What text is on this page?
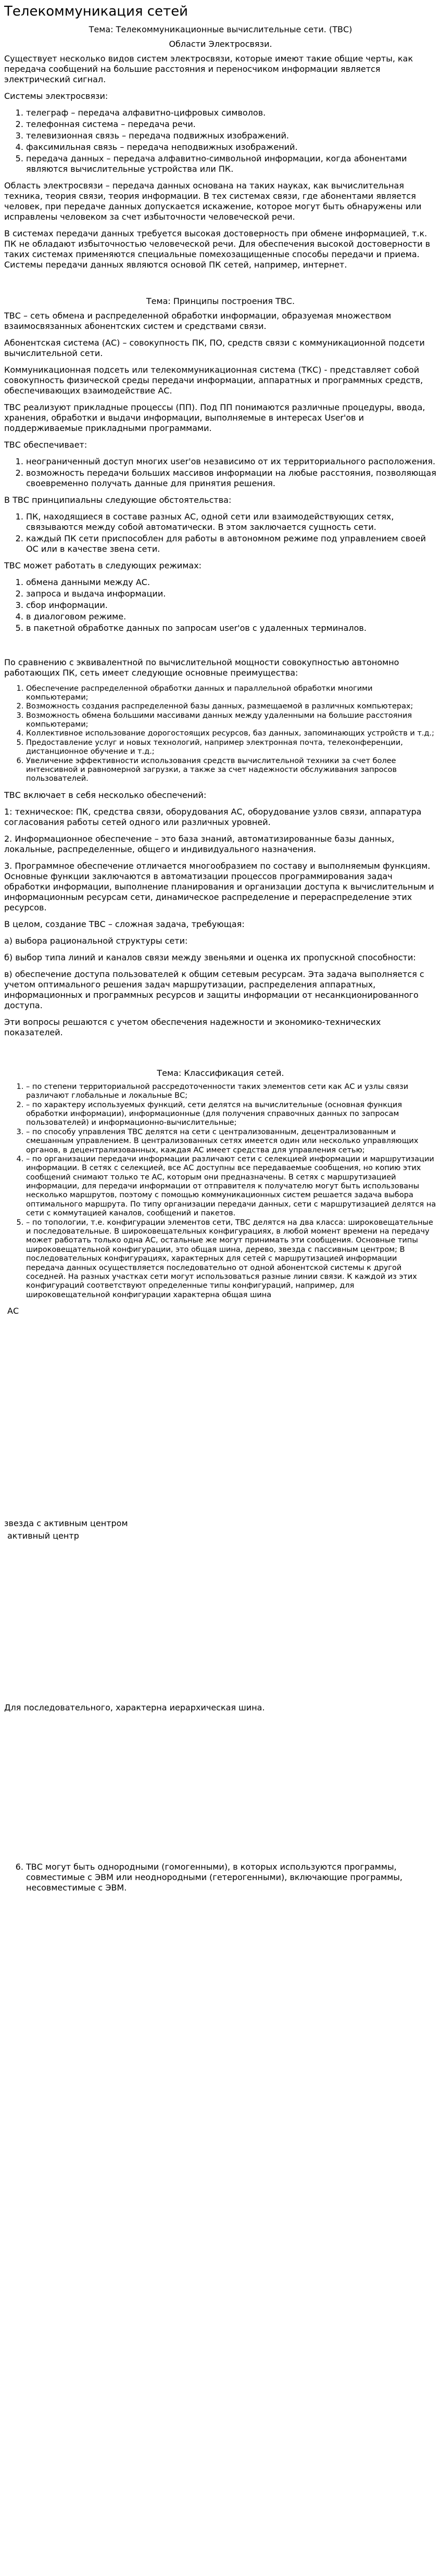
Телекоммуникация сетей
Тема: Телекоммуникационные вычислительные сети. (ТВС)
Области Электросвязи.

Существует несколько видов систем электросвязи, которые имеют такие общие черты, как передача сообщений на большие расстояния и переносчиком информации является электрический сигнал.

Системы электросвязи:

1. телеграф – передача алфавитно-цифровых символов.
2. телефонная система – передача речи.
3. телевизионная связь – передача подвижных изображений.
4. факсимильная связь – передача неподвижных изображений.
5. передача данных – передача алфавитно-символьной информации, когда абонентами являются вычислительные устройства или ПК.

Область электросвязи – передача данных основана на таких науках, как вычислительная техника, теория связи, теория информации. В тех системах связи, где абонентами является человек, при передаче данных допускается искажение, которое могут быть обнаружены или исправлены человеком за счет избыточности человеческой речи.

В системах передачи данных требуется высокая достоверность при обмене информацией, т.к. ПК не обладают избыточностью человеческой речи. Для обеспечения высокой достоверности в таких системах применяются специальные помехозащищенные способы передачи и приема. Системы передачи данных являются основой ПК сетей, например, интернет.

Тема: Принципы построения ТВС.

ТВС – сеть обмена и распределенной обработки информации, образуемая множеством взаимосвязанных абонентских систем и средствами связи.

Абонентская система (АС) – совокупность ПК, ПО, средств связи с коммуникационной подсети вычислительной сети.

Коммуникационная подсеть или телекоммуникационная система (ТКС) - представляет собой совокупность физической среды передачи информации, аппаратных и программных средств, обеспечивающих взаимодействие АС.

ТВС реализуют прикладные процессы (ПП). Под ПП понимаются различные процедуры, ввода, хранения, обработки и выдачи информации, выполняемые в интересах User'ов и поддерживаемые прикладными программами.

ТВС обеспечивает:

1. неограниченный доступ многих user'ов независимо от их территориального расположения.
2. возможность передачи больших массивов информации на любые расстояния, позволяющая своевременно получать данные для принятия решения.

В ТВС принципиальны следующие обстоятельства:

1. ПК, находящиеся в составе разных АС, одной сети или взаимодействующих сетях, связываются между собой автоматически. В этом заключается сущность сети.
2. каждый ПК сети приспособлен для работы в автономном режиме под управлением своей ОС или в качестве звена сети.

ТВС может работать в следующих режимах:

1. обмена данными между АС.
2. запроса и выдача информации.
3. сбор информации.
4. в диалоговом режиме.
5. в пакетной обработке данных по запросам user'ов с удаленных терминалов.

По сравнению с эквивалентной по вычислительной мощности совокупностью автономно работающих ПК, сеть имеет следующие основные преимущества:

1. Обеспечение распределенной обработки данных и параллельной обработки многими компьютерами;
2. Возможность создания распределенной базы данных, размещаемой в различных компьютерах;
3. Возможность обмена большими массивами данных между удаленными на большие расстояния компьютерами;
4. Коллективное использование дорогостоящих ресурсов, баз данных, запоминающих устройств и т.д.;
5. Предоставление услуг и новых технологий, например электронная почта, телеконференции, дистанционное обучение и т.д.;
6. Увеличение эффективности использования средств вычислительной техники за счет более интенсивной и равномерной загрузки, а также за счет надежности обслуживания запросов пользователей.

ТВС включает в себя несколько обеспечений:

1: техническое: ПК, средства связи, оборудования АС, оборудование узлов связи, аппаратура согласования работы сетей одного или различных уровней.

2. Информационное обеспечение – это база знаний, автоматизированные базы данных, локальные, распределенные, общего и индивидуального назначения.

3. Программное обеспечение отличается многообразием по составу и выполняемым функциям. Основные функции заключаются в автоматизации процессов программирования задач обработки информации, выполнение планирования и организации доступа к вычислительным и информационным ресурсам сети, динамическое распределение и перераспределение этих ресурсов.

В целом, создание ТВС – сложная задача, требующая:

а) выбора рациональной структуры сети:

б) выбор типа линий и каналов связи между звеньями и оценка их пропускной способности:

в) обеспечение доступа пользователей к общим сетевым ресурсам. Эта задача выполняется с учетом оптимального решения задач маршрутизации, распределения аппаратных, информационных и программных ресурсов и защиты информации от несанкционированного доступа.

Эти вопросы решаются с учетом обеспечения надежности и экономико-технических показателей.

Тема: Классификация сетей.
1. – по степени территориальной рассредоточенности таких элементов сети как АС и узлы связи различают глобальные и локальные ВС;
2. – по характеру используемых функций, сети делятся на вычислительные (основная функция обработки информации), информационные (для получения справочных данных по запросам пользователей) и информационно-вычислительные;
3. – по способу управления ТВС делятся на сети с централизованным, децентрализованным и смешанным управлением. В централизованных сетях имеется один или несколько управляющих органов, в децентрализованных, каждая АС имеет средства для управления сетью;
4. – по организации передачи информации различают сети с селекцией информации и маршрутизации информации. В сетях с селекцией, все АС доступны все передаваемые сообщения, но копию этих сообщений снимают только те АС, которым они предназначены. В сетях с маршрутизацией информации, для передачи информации от отправителя к получателю могут быть использованы несколько маршрутов, поэтому с помощью коммуникационных систем решается задача выбора оптимального маршрута. По типу организации передачи данных, сети с маршрутизацией делятся на сети с коммутацией каналов, сообщений и пакетов.
5. – по топологии, т.е. конфигурации элементов сети, ТВС делятся на два класса: широковещательные и последовательные. В широковещательных конфигурациях, в любой момент времени на передачу может работать только одна АС, остальные же могут принимать эти сообщения. Основные типы широковещательной конфигурации, это общая шина, дерево, звезда с пассивным центром; В последовательных конфигурациях, характерных для сетей с маршрутизацией информации передача данных осуществляется последовательно от одной абонентской системы к другой соседней. На разных участках сети могут использоваться разные линии связи. К каждой из этих конфигураций соответствуют определенные типы конфигураций, например, для широковещательной конфигурации характерна общая шина
АС
звезда с активным центром
активный центр

Для последовательного, характерна иерархическая шина.

6. ТВС могут быть однородными (гомогенными), в которых используются программы, совместимые с ЭВМ или неоднородными (гетерогенными), включающие программы, несовместимые с ЭВМ.
